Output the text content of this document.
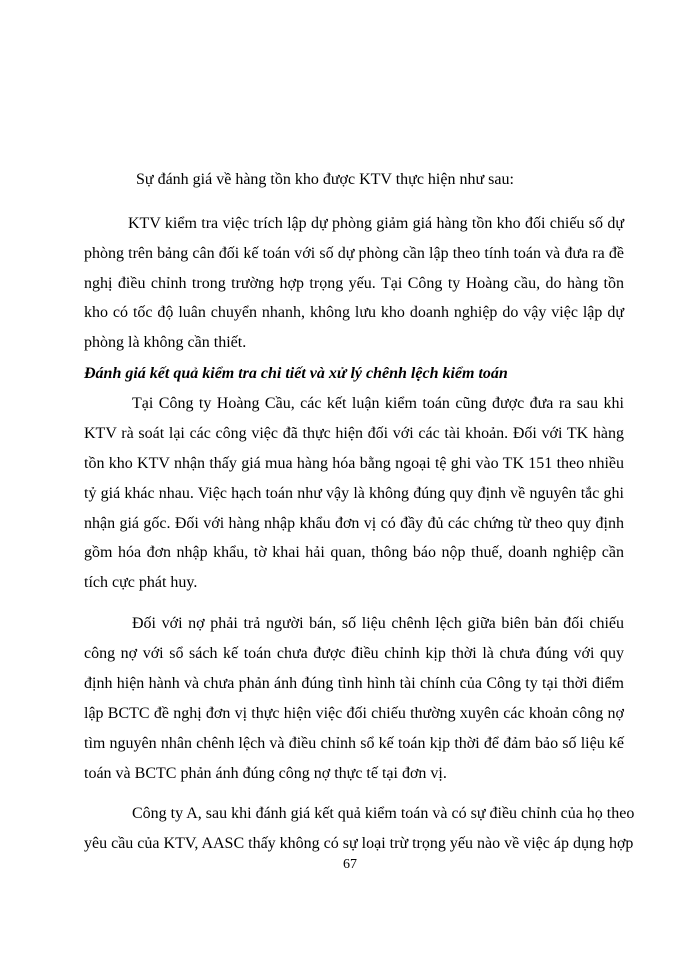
Sự đánh giá về hàng tồn kho được KTV thực hiện như sau:
KTV kiểm tra việc trích lập dự phòng giảm giá hàng tồn kho đối chiếu số dự
phòng trên bảng cân đối kế toán với số dự phòng cần lập theo tính toán và đưa ra đề
nghị điều chỉnh trong trường hợp trọng yếu. Tại Công ty Hoàng cầu, do hàng tồn
kho có tốc độ luân chuyển nhanh, không lưu kho doanh nghiệp do vậy việc lập dự
phòng là không cần thiết.
Đánh giá kết quả kiểm tra chi tiết và xử lý chênh lệch kiểm toán
Tại Công ty Hoàng Cầu, các kết luận kiểm toán cũng được đưa ra sau khi
KTV rà soát lại các công việc đã thực hiện đối với các tài khoản. Đối với TK hàng
tồn kho KTV nhận thấy giá mua hàng hóa bằng ngoại tệ ghi vào TK 151 theo nhiều
tỷ giá khác nhau. Việc hạch toán như vậy là không đúng quy định về nguyên tắc ghi
nhận giá gốc. Đối với hàng nhập khẩu đơn vị có đầy đủ các chứng từ theo quy định
gồm hóa đơn nhập khẩu, tờ khai hải quan, thông báo nộp thuế, doanh nghiệp cần
tích cực phát huy.
Đối với nợ phải trả người bán, số liệu chênh lệch giữa biên bản đối chiếu
công nợ với sổ sách kế toán chưa được điều chỉnh kịp thời là chưa đúng với quy
định hiện hành và chưa phản ánh đúng tình hình tài chính của Công ty tại thời điểm
lập BCTC đề nghị đơn vị thực hiện việc đối chiếu thường xuyên các khoản công nợ
tìm nguyên nhân chênh lệch và điều chỉnh sổ kế toán kịp thời để đảm bảo số liệu kế
toán và BCTC phản ánh đúng công nợ thực tế tại đơn vị.
Công ty A, sau khi đánh giá kết quả kiểm toán và có sự điều chỉnh của họ theo
yêu cầu của KTV, AASC thấy không có sự loại trừ trọng yếu nào về việc áp dụng hợp
67
